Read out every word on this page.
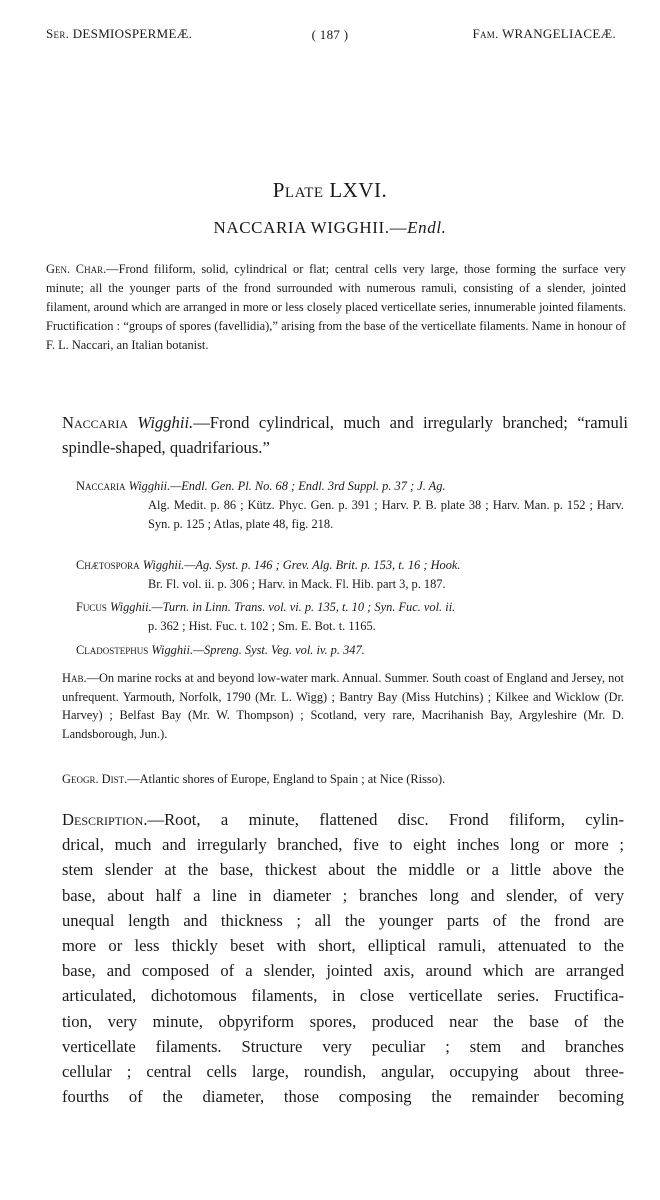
Ser. DESMIOSPERMEÆ.	( 187 )	Fam. WRANGELIACEÆ.
Plate LXVI.
NACCARIA WIGGHII.—Endl.
Gen. Char.—Frond filiform, solid, cylindrical or flat; central cells very large, those forming the surface very minute; all the younger parts of the frond surrounded with numerous ramuli, consisting of a slender, jointed filament, around which are arranged in more or less closely placed verticellate series, innumerable jointed filaments. Fructification : “groups of spores (favellidia),” arising from the base of the verticellate filaments. Name in honour of F. L. Naccari, an Italian botanist.
Naccaria Wigghii.—Frond cylindrical, much and irregularly branched; “ramuli spindle-shaped, quadrifarious.”
Naccaria Wigghii.—Endl. Gen. Pl. No. 68 ; Endl. 3rd Suppl. p. 37 ; J. Ag.
Alg. Medit. p. 86 ; Kütz. Phyc. Gen. p. 391 ; Harv. P. B. plate 38 ; Harv. Man. p. 152 ; Harv. Syn. p. 125 ; Atlas, plate 48, fig. 218.
Chætospora Wigghii.—Ag. Syst. p. 146 ; Grev. Alg. Brit. p. 153, t. 16 ; Hook.
Br. Fl. vol. ii. p. 306 ; Harv. in Mack. Fl. Hib. part 3, p. 187.
Fucus Wigghii.—Turn. in Linn. Trans. vol. vi. p. 135, t. 10 ; Syn. Fuc. vol. ii.
p. 362 ; Hist. Fuc. t. 102 ; Sm. E. Bot. t. 1165.
Cladostephus Wigghii.—Spreng. Syst. Veg. vol. iv. p. 347.
Hab.—On marine rocks at and beyond low-water mark. Annual. Summer. South coast of England and Jersey, not unfrequent. Yarmouth, Norfolk, 1790 (Mr. L. Wigg) ; Bantry Bay (Miss Hutchins) ; Kilkee and Wicklow (Dr. Harvey) ; Belfast Bay (Mr. W. Thompson) ; Scotland, very rare, Macrihanish Bay, Argyleshire (Mr. D. Landsborough, Jun.).
Geogr. Dist.—Atlantic shores of Europe, England to Spain ; at Nice (Risso).
Description.—Root, a minute, flattened disc. Frond filiform, cylin-
drical, much and irregularly branched, five to eight inches long or more ;
stem slender at the base, thickest about the middle or a little above the
base, about half a line in diameter ; branches long and slender, of very
unequal length and thickness ; all the younger parts of the frond are
more or less thickly beset with short, elliptical ramuli, attenuated to the
base, and composed of a slender, jointed axis, around which are arranged
articulated, dichotomous filaments, in close verticellate series. Fructifica-
tion, very minute, obpyriform spores, produced near the base of the
verticellate filaments. Structure very peculiar ; stem and branches
cellular ; central cells large, roundish, angular, occupying about three-
fourths of the diameter, those composing the remainder becoming
